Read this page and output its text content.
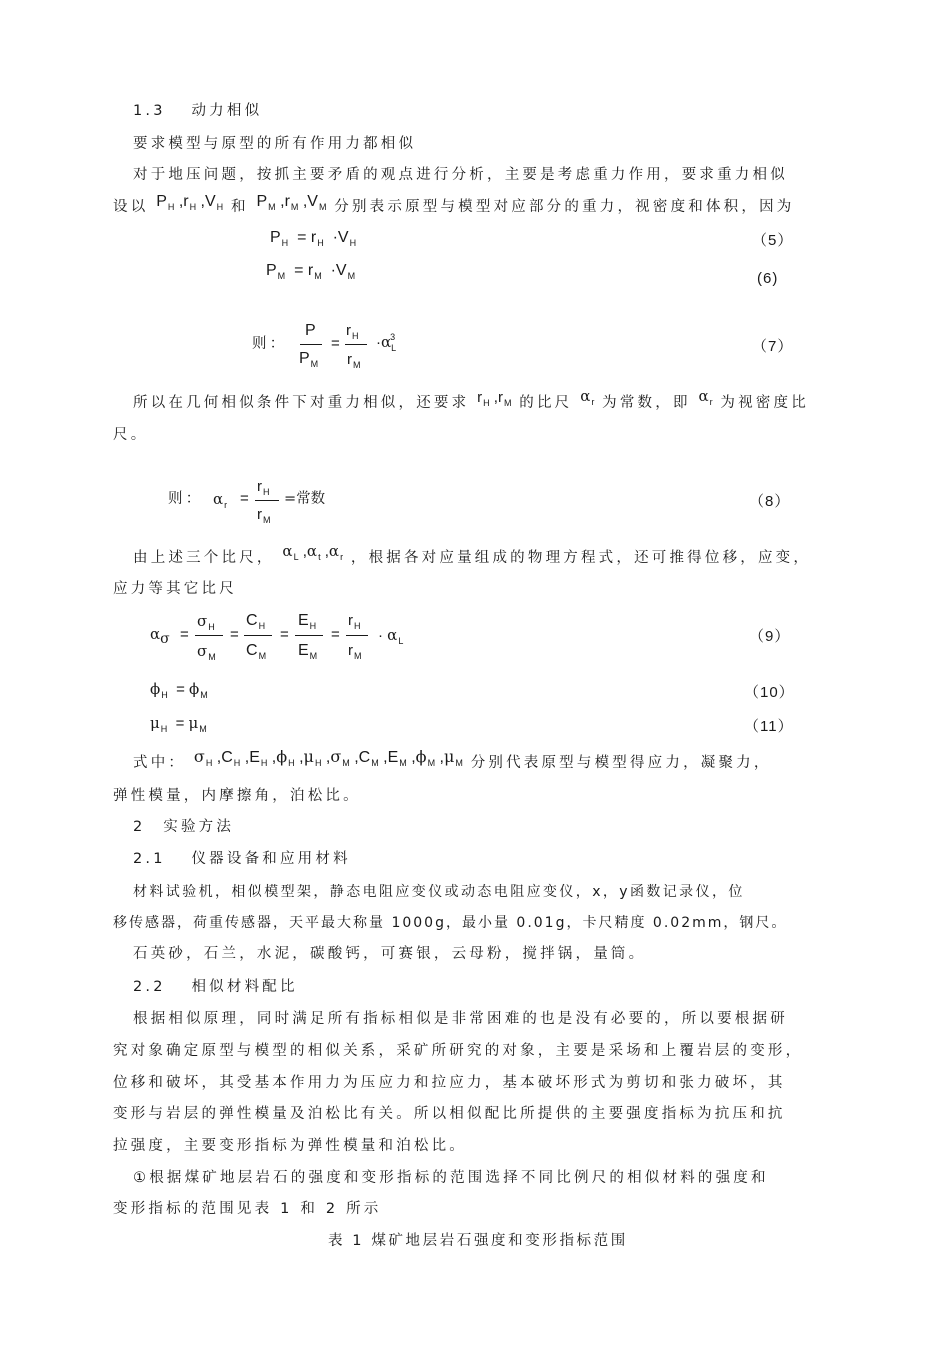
1.3 动力相似
要求模型与原型的所有作用力都相似
对于地压问题，按抓主要矛盾的观点进行分析，主要是考虑重力作用，要求重力相似
设以 $P_H$ $,r_H$ $,V_H$ 和 $P_M$ $,r_M$ $,V_M$ 分别表示原型与模型对应部分的重力，视密度和体积，因为
$P_H = r_H \cdot V_H$	（5）
$P_M = r_M \cdot V_M$	(6)
则：
P
$P_M$
=
$r_H$
$r_M$
$\cdot\alpha_L^3$
（7）
所以在几何相似条件下对重力相似，还要求 $r_H$ $,r_M$ 的比尺 $\alpha_r$ 为常数，即 $\alpha_r$ 为视密度比
尺。
则： $\alpha_r$ =
$r_H$
$r_M$
=常数	（8）
由上述三个比尺， $\alpha_L$ $,\alpha_t$ $,\alpha_r$ ，根据各对应量组成的物理方程式，还可推得位移，应变，
应力等其它比尺
ασ =
$\sigma_H$
$\sigma_M$
=
$C_H$
$C_M$
=
$E_H$
$E_M$
=
$r_H$
$r_M$
· $\alpha_L$	（9）
$\phi_H = \phi_M$	（10）
$\mu_H = \mu_M$	（11）
式中： $\sigma_H$ $,C_H$ $,E_H$ $,\phi_H$ $,\mu_H$ $,\sigma_M$ $,C_M$ $,E_M$ $,\phi_M$ $,\mu_M$ 分别代表原型与模型得应力，凝聚力，
弹性模量，内摩擦角，泊松比。
2 实验方法
2.1 仪器设备和应用材料
材料试验机，相似模型架，静态电阻应变仪或动态电阻应变仪，x，y函数记录仪，位
移传感器，荷重传感器，天平最大称量 1000g，最小量 0.01g，卡尺精度 0.02mm，钢尺。
石英砂，石兰，水泥，碳酸钙，可赛银，云母粉，搅拌锅，量筒。
2.2 相似材料配比
根据相似原理，同时满足所有指标相似是非常困难的也是没有必要的，所以要根据研
究对象确定原型与模型的相似关系，采矿所研究的对象，主要是采场和上覆岩层的变形，
位移和破坏，其受基本作用力为压应力和拉应力，基本破坏形式为剪切和张力破坏，其
变形与岩层的弹性模量及泊松比有关。所以相似配比所提供的主要强度指标为抗压和抗
拉强度，主要变形指标为弹性模量和泊松比。
①根据煤矿地层岩石的强度和变形指标的范围选择不同比例尺的相似材料的强度和
变形指标的范围见表 1 和 2 所示
表 1 煤矿地层岩石强度和变形指标范围
